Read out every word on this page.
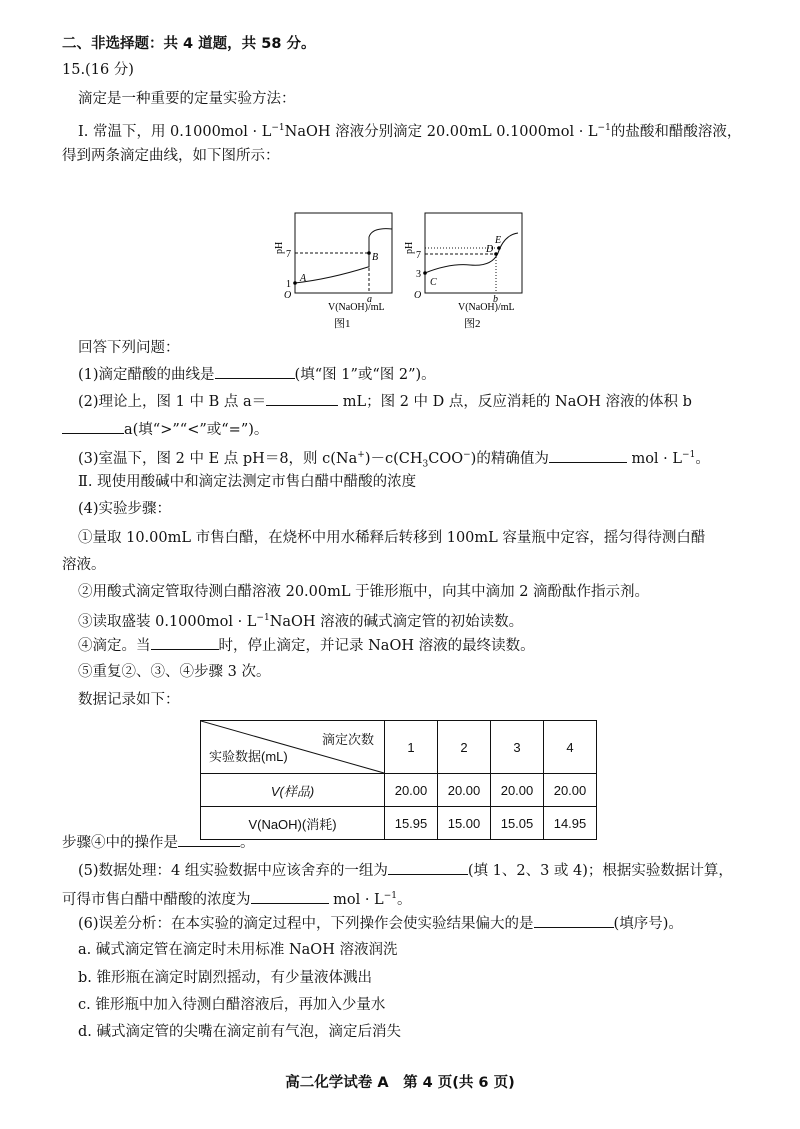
二、非选择题：共 4 道题，共 58 分。
15.(16 分)
滴定是一种重要的定量实验方法：
I. 常温下，用 $0.1000mol \cdot L^{-1}NaOH$ 溶液分别滴定 20.00mL $0.1000mol \cdot L^{-1}$的盐酸和醋酸溶液，
得到两条滴定曲线，如下图所示：
pH
7
1
O
A
B
a
V(NaOH)/mL
图1
pH
7
3
O
C
D
E
b
V(NaOH)/mL
图2
回答下列问题：
(1)滴定醋酸的曲线是	(填“图 1”或“图 2”)。
(2)理论上，图 1 中 B 点 a＝	mL；图 2 中 D 点，反应消耗的 NaOH 溶液的体积 b
a(填“>”“<”或“=”)。
(3)室温下，图 2 中 E 点 pH＝8，则 $c(Na^+)-c(CH_3COO^-)$的精确值为	mol · $L^{-1}$。
Ⅱ. 现使用酸碱中和滴定法测定市售白醋中醋酸的浓度
(4)实验步骤：
①量取 10.00mL 市售白醋，在烧杯中用水稀释后转移到 100mL 容量瓶中定容，摇匀得待测白醋
溶液。
②用酸式滴定管取待测白醋溶液 20.00mL 于锥形瓶中，向其中滴加 2 滴酚酞作指示剂。
③读取盛装 $0.1000mol \cdot L^{-1}NaOH$ 溶液的碱式滴定管的初始读数。
④滴定。当	时，停止滴定，并记录 NaOH 溶液的最终读数。
⑤重复②、③、④步骤 3 次。
数据记录如下：
滴定次数
实验数据(mL)	1	2	3	4
V(样品)	20.00	20.00	20.00	20.00
V(NaOH)(消耗)	15.95	15.00	15.05	14.95
步骤④中的操作是	。
(5)数据处理：4 组实验数据中应该舍弃的一组为	(填 1、2、3 或 4)；根据实验数据计算，
可得市售白醋中醋酸的浓度为	mol · $L^{-1}$。
(6)误差分析：在本实验的滴定过程中，下列操作会使实验结果偏大的是	(填序号)。
a. 碱式滴定管在滴定时未用标准 NaOH 溶液润洗
b. 锥形瓶在滴定时剧烈摇动，有少量液体溅出
c. 锥形瓶中加入待测白醋溶液后，再加入少量水
d. 碱式滴定管的尖嘴在滴定前有气泡，滴定后消失
高二化学试卷 A　第 4 页(共 6 页)
